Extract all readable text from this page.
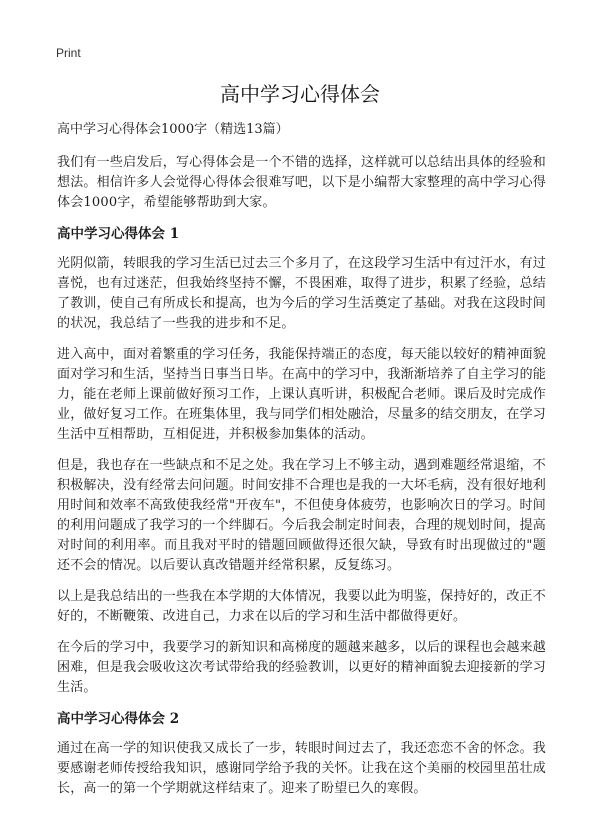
Print
高中学习心得体会

高中学习心得体会1000字（精选13篇）

我们有一些启发后，写心得体会是一个不错的选择，这样就可以总结出具体的经验和想法。相信许多人会觉得心得体会很难写吧，以下是小编帮大家整理的高中学习心得体会1000字，希望能够帮助到大家。

高中学习心得体会 1

光阴似箭，转眼我的学习生活已过去三个多月了，在这段学习生活中有过汗水，有过喜悦，也有过迷茫，但我始终坚持不懈，不畏困难，取得了进步，积累了经验，总结了教训，使自己有所成长和提高，也为今后的学习生活奠定了基础。对我在这段时间的状况，我总结了一些我的进步和不足。

进入高中，面对着繁重的学习任务，我能保持端正的态度，每天能以较好的精神面貌面对学习和生活，坚持当日事当日毕。在高中的学习中，我渐渐培养了自主学习的能力，能在老师上课前做好预习工作，上课认真听讲，积极配合老师。课后及时完成作业，做好复习工作。在班集体里，我与同学们相处融洽，尽量多的结交朋友，在学习生活中互相帮助，互相促进，并积极参加集体的活动。

但是，我也存在一些缺点和不足之处。我在学习上不够主动，遇到难题经常退缩，不积极解决，没有经常去问问题。时间安排不合理也是我的一大坏毛病，没有很好地利用时间和效率不高致使我经常"开夜车"，不但使身体疲劳，也影响次日的学习。时间的利用问题成了我学习的一个绊脚石。今后我会制定时间表，合理的规划时间，提高对时间的利用率。而且我对平时的错题回顾做得还很欠缺，导致有时出现做过的"题还不会的情况。以后要认真改错题并经常积累，反复练习。

以上是我总结出的一些我在本学期的大体情况，我要以此为明鉴，保持好的，改正不好的，不断鞭策、改进自己，力求在以后的学习和生活中都做得更好。

在今后的学习中，我要学习的新知识和高梯度的题越来越多，以后的课程也会越来越困难，但是我会吸收这次考试带给我的经验教训，以更好的精神面貌去迎接新的学习生活。

高中学习心得体会 2

通过在高一学的知识使我又成长了一步，转眼时间过去了，我还恋恋不舍的怀念。我要感谢老师传授给我知识，感谢同学给予我的关怀。让我在这个美丽的校园里茁壮成长，高一的第一个学期就这样结束了。迎来了盼望已久的寒假。
